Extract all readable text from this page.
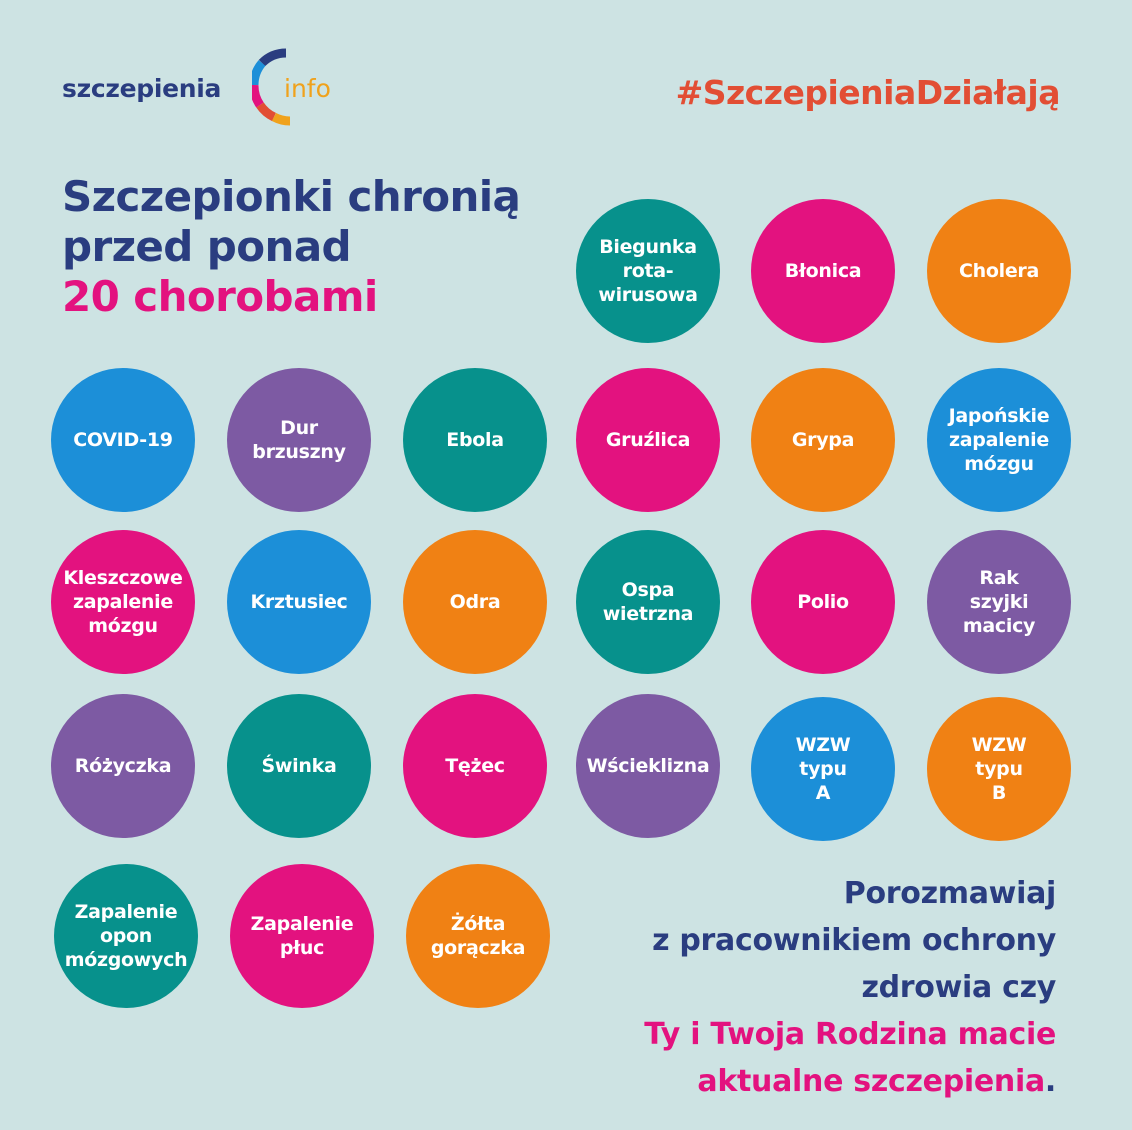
szczepienia	info	#SzczepieniaDziałają
Szczepionki chronią
przed ponad
20 chorobami
Biegunka
rota-
wirusowa
Błonica	Cholera
COVID-19
Dur
brzuszny
Ebola	Gruźlica	Grypa
Japońskie
zapalenie
mózgu
Kleszczowe
zapalenie
mózgu
Krztusiec	Odra
Ospa
wietrzna
Polio
Rak
szyjki
macicy
Różyczka	Świnka	Tężec	Wścieklizna
WZW
typu
A
WZW
typu
B
Zapalenie
opon
mózgowych
Zapalenie
płuc
Żółta
gorączka
Porozmawiaj
z pracownikiem ochrony
zdrowia czy
Ty i Twoja Rodzina macie
aktualne szczepienia.
